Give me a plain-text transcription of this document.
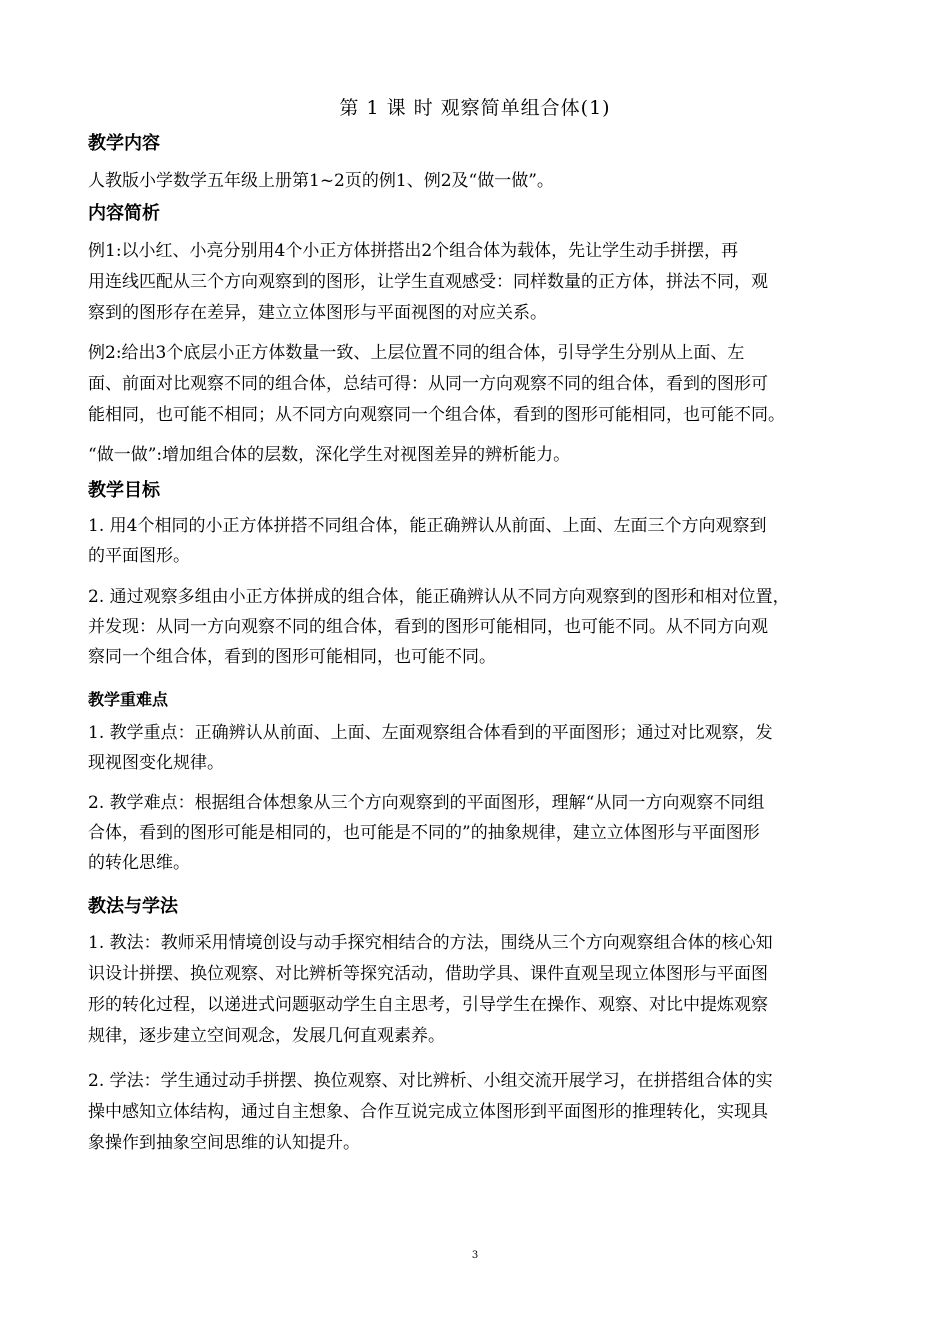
第 1 课 时 观察简单组合体(1)
教学内容
人教版小学数学五年级上册第1~2页的例1、例2及“做一做”。
内容简析
例1:以小红、小亮分别用4个小正方体拼搭出2个组合体为载体，先让学生动手拼摆，再
用连线匹配从三个方向观察到的图形，让学生直观感受：同样数量的正方体，拼法不同，观
察到的图形存在差异，建立立体图形与平面视图的对应关系。
例2:给出3个底层小正方体数量一致、上层位置不同的组合体，引导学生分别从上面、左
面、前面对比观察不同的组合体，总结可得：从同一方向观察不同的组合体，看到的图形可
能相同，也可能不相同；从不同方向观察同一个组合体，看到的图形可能相同，也可能不同。
“做一做”:增加组合体的层数，深化学生对视图差异的辨析能力。
教学目标
1. 用4个相同的小正方体拼搭不同组合体，能正确辨认从前面、上面、左面三个方向观察到
的平面图形。
2. 通过观察多组由小正方体拼成的组合体，能正确辨认从不同方向观察到的图形和相对位置，
并发现：从同一方向观察不同的组合体，看到的图形可能相同，也可能不同。从不同方向观
察同一个组合体，看到的图形可能相同，也可能不同。
教学重难点
1. 教学重点：正确辨认从前面、上面、左面观察组合体看到的平面图形；通过对比观察，发
现视图变化规律。
2. 教学难点：根据组合体想象从三个方向观察到的平面图形，理解“从同一方向观察不同组
合体，看到的图形可能是相同的，也可能是不同的”的抽象规律，建立立体图形与平面图形
的转化思维。
教法与学法
1. 教法：教师采用情境创设与动手探究相结合的方法，围绕从三个方向观察组合体的核心知
识设计拼摆、换位观察、对比辨析等探究活动，借助学具、课件直观呈现立体图形与平面图
形的转化过程，以递进式问题驱动学生自主思考，引导学生在操作、观察、对比中提炼观察
规律，逐步建立空间观念，发展几何直观素养。
2. 学法：学生通过动手拼摆、换位观察、对比辨析、小组交流开展学习，在拼搭组合体的实
操中感知立体结构，通过自主想象、合作互说完成立体图形到平面图形的推理转化，实现具
象操作到抽象空间思维的认知提升。
3
